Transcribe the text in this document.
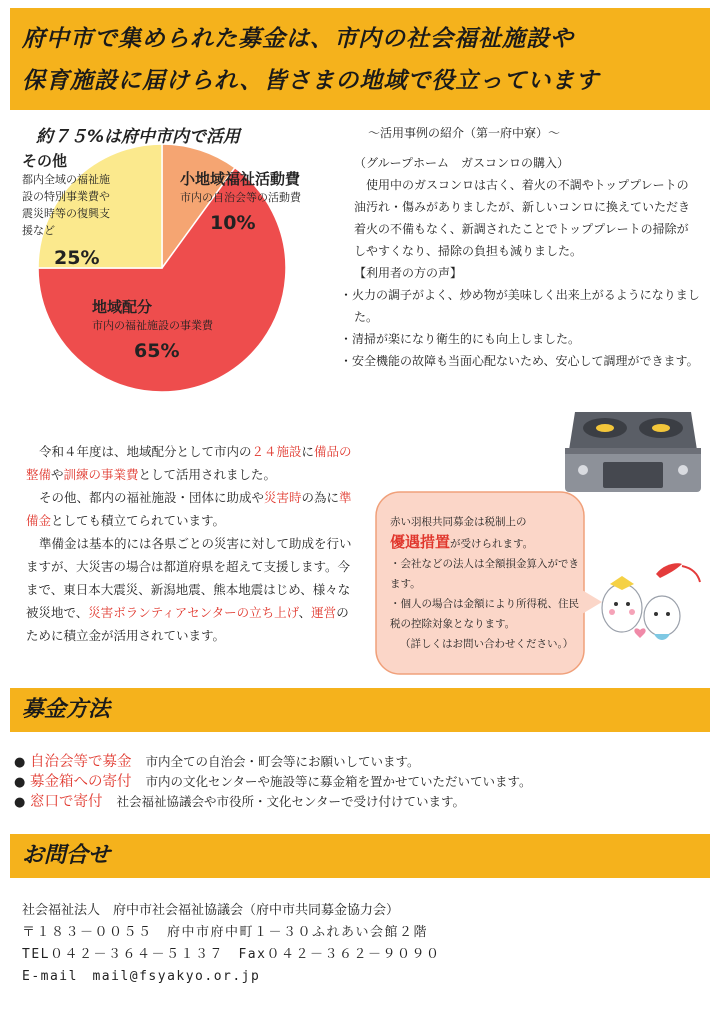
府中市で集められた募金は、市内の社会福祉施設や
保育施設に届けられ、皆さまの地域で役立っています
約７５%は府中市内で活用
その他
都内全域の福祉施
設の特別事業費や
震災時等の復興支
援など
25%
小地域福祉活動費
市内の自治会等の活動費
10%
地域配分
市内の福祉施設の事業費
65%

～活用事例の紹介（第一府中寮）～

（グループホーム　ガスコンロの購入）

使用中のガスコンロは古く、着火の不調やトッププレートの油汚れ・傷みがありましたが、新しいコンロに換えていただき着火の不備もなく、新調されたことでトッププレートの掃除がしやすくなり、掃除の負担も減りました。

【利用者の方の声】

・火力の調子がよく、炒め物が美味しく出来上がるようになりました。

・清掃が楽になり衛生的にも向上しました。

・安全機能の故障も当面心配ないため、安心して調理ができます。

令和４年度は、地域配分として市内の２４施設に備品の整備や訓練の事業費として活用されました。

その他、都内の福祉施設・団体に助成や災害時の為に準備金としても積立てられています。

準備金は基本的には各県ごとの災害に対して助成を行いますが、大災害の場合は都道府県を超えて支援します。今まで、東日本大震災、新潟地震、熊本地震はじめ、様々な被災地で、災害ボランティアセンターの立ち上げ、運営のために積立金が活用されています。

赤い羽根共同募金は税制上の

優遇措置が受けられます。

・会社などの法人は全額損金算入ができます。

・個人の場合は金額により所得税、住民税の控除対象となります。

（詳しくはお問い合わせください。）

募金方法
● 自治会等で募金 市内全ての自治会・町会等にお願いしています。
● 募金箱への寄付 市内の文化センターや施設等に募金箱を置かせていただいています。
● 窓口で寄付 社会福祉協議会や市役所・文化センターで受け付けています。
お問合せ

社会福祉法人　府中市社会福祉協議会（府中市共同募金協力会）

〒１８３－００５５　府中市府中町１－３０ふれあい会館２階

TEL０４２－３６４－５１３７　Fax０４２－３６２－９０９０

E-mail　mail@fsyakyo.or.jp
